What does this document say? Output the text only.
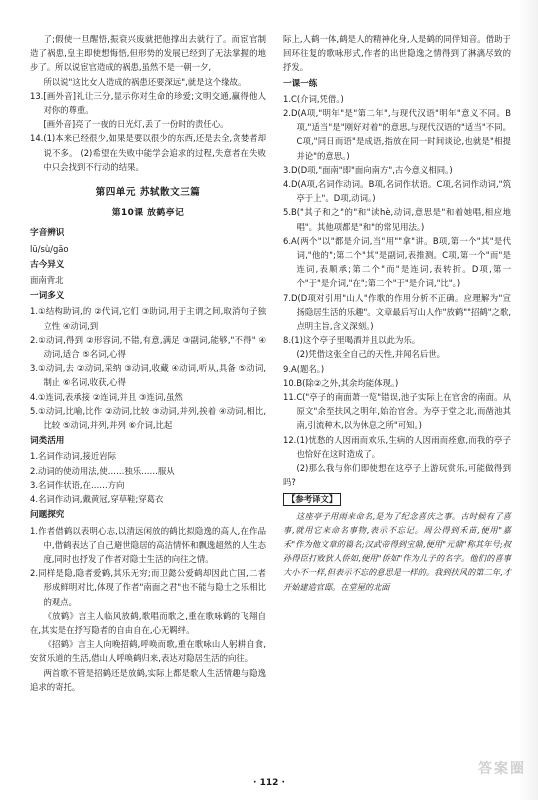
了;假使一旦醒悟,振衰兴废就把他撑出去就行了。而宦官制造了祸患,皇主即使想悔悟,但形势的发展已经到了无法掌握的地步了。所以说宦官造成的祸患,虽然不是一朝一夕,

所以说"这比女人造成的祸患还要深远",就是这个缘故。

13.[画外音]礼让三分,显示你对生命的珍爱;文明交通,赢得他人对你的尊重。

[画外音]亮了一夜的日光灯,丢了一份时的责任心。

14.(1)本来已经很少,如果是要以很少的东西,还是去全,贪婪者却说不多。 (2)希望在失败中能学会追求的过程,失意者在失败中只会找到不行动的结果。

第四单元 苏轼散文三篇
第10课 放鹤亭记
字音辨识

lü/sù/gāo

古今异义

面南背北

一词多义

1.①结构助词,的 ②代词,它们 ③助词,用于主谓之间,取消句子独立性 ④动词,到

2.①动词,得到 ②形容词,不错,有意,满足 ③副词,能够,"不得" ④动词,适合 ⑤名词,心得

3.①动词,去 ②动词,采纳 ③动词,收藏 ④动词,听从,具备 ⑤动词,制止 ⑥名词,收获,心得

4.①连词,表承接 ②连词,并且 ③连词,虽然

5.①动词,比喻,比作 ②动词,比较 ③动词,并列,挨着 ④动词,相比,比较 ⑤动词,并列,并列 ⑥介词,比起

词类活用

1.名词作动词,接近岩际

2.动词的使动用法,使……独乐……服从

3.名词作状语,在……方向

4.名词作动词,戴黄冠,穿草鞋;穿葛衣

问题探究

1.作者借鹤以表明心志,以清远闲放的鹤比拟隐逸的高人,在作品中,借鹤表达了自己避世隐居的高洁情怀和飘逸超然的人生态度,同时也抒发了作者对隐士生活的向往之情。

2.同样是隐,隐者爱鹤,其乐无穷;而卫懿公爱鹤却因此亡国,二者形成鲜明对比,体现了作者"南面之君"也不能与隐士之乐相比的观点。

《放鹤》言主人临风放鹤,歌唱而歌之,重在歌咏鹤的飞翔自在,其实是在抒写隐者的自由自在,心无羁绊。

《招鹤》言主人向晚招鹤,呼唤而歌,重在歌咏山人躬耕自食,安贫乐道的生活,借山人呼唤鹤归来,表达对隐居生活的向往。

两首歌不管是招鹤还是放鹤,实际上都是歌人生活情趣与隐逸追求的寄托。

际上,人鹤一体,鹤是人的精神化身,人是鹤的同伴知音。借助于回环往复的歌咏形式,作者的出世隐逸之情得到了淋漓尽致的抒发。

一课一练

1.C(介词,凭借。)

2.D(A项,"明年"是"第二年",与现代汉语"明年"意义不同。B项,"适当"是"刚好对着"的意思,与现代汉语的"适当"不同。C项,"同日而语"是成语,指放在同一时间谈论,也就是"相提并论"的意思。)

3.D(D项,"面南"即"面向南方",古今意义相同。)

4.D(A项,名词作动词。B项,名词作状语。C项,名词作动词,"筑亭于上"。D项,动词。)

5.B("其子和之"的"和"读hè,动词,意思是"和着她唱,相应地唱"。其他项都是"和"的常见用法。)

6.A(两个"以"都是介词,当"用""拿"讲。B项,第一个"其"是代词,"他的";第二个"其"是副词,表推测。C项,第一个"而"是连词,表顺承;第二个"而"是连词,表转折。D项,第一个"于"是介词,"在";第二个"于"是介词,"比"。)

7.D(D项对引用"山人"作歌的作用分析不正确。应理解为"宣扬隐居生活的乐趣"。文章最后写山人作"放鹤""招鹤"之歌,点明主旨,含义深刻。)

8.(1)这个亭子里喝酒并且以此为乐。

(2)凭借这张全自己的天性,并闻名后世。

9.A(题名。)

10.B(除②之外,其余均能体现。)

11.C("亭子的南面萧一览"错误,池子实际上在官舍的南面。从原文"余至扶风之明年,始治官舍。为亭于堂之北,而凿池其南,引流种木,以为休息之所"可知。)

12.(1)忧愁的人因雨而欢乐,生病的人因雨而痊愈,而我的亭子也恰好在这时造成了。

(2)那么我与你们即使想在这亭子上游玩赏乐,可能做得到吗?

【参考译文】

这座亭子用雨来命名,是为了纪念喜庆之事。古时候有了喜事,就用它来命名事物,表示不忘记。周公得到禾苗,便用"嘉禾"作为他文章的篇名;汉武帝得到宝鼎,便用"元鼎"称其年号;叔孙得臣打败狄人侨如,便用"侨如"作为儿子的名字。他们的喜事大小不一样,但表示不忘的意思是一样的。我到扶风的第二年,才开始建造官邸。在堂屋的北面

答案圈
· 112 ·
